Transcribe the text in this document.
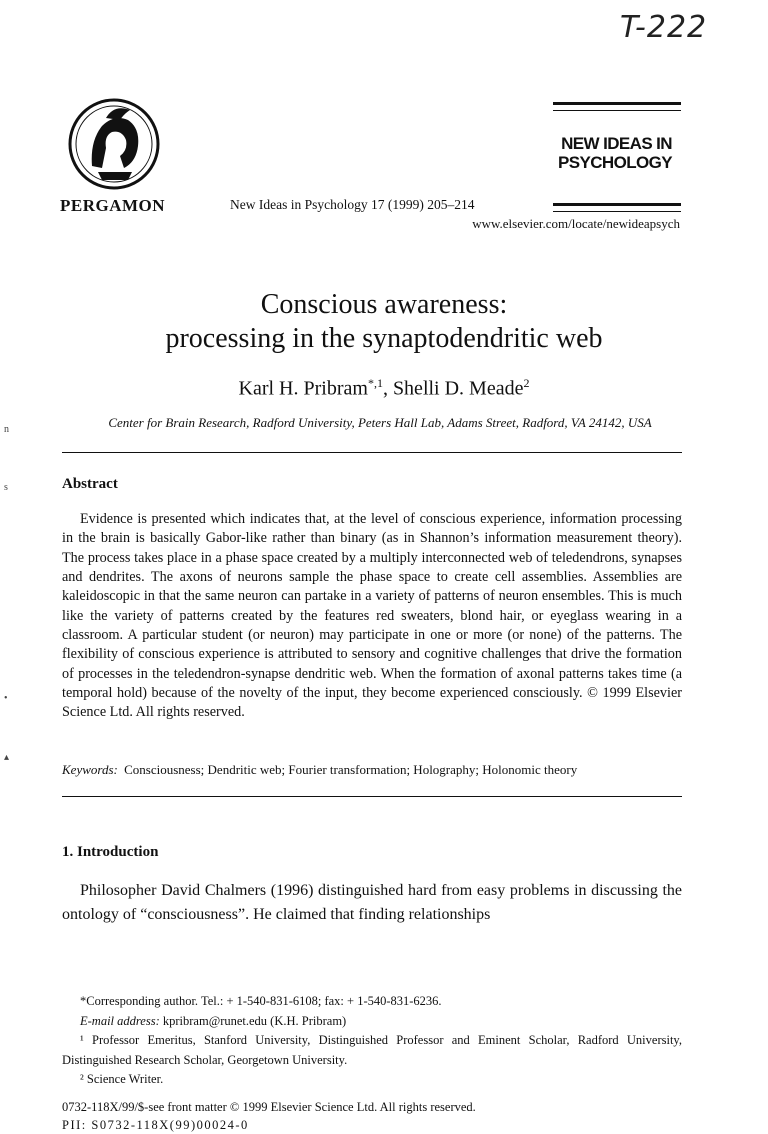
T-222
PERGAMON	New Ideas in Psychology 17 (1999) 205–214
NEW IDEAS IN
PSYCHOLOGY
www.elsevier.com/locate/newideapsych
Conscious awareness:
processing in the synaptodendritic web
Karl H. Pribram$^{*,1}$, Shelli D. Meade$^2$
Center for Brain Research, Radford University, Peters Hall Lab, Adams Street, Radford, VA 24142, USA
Abstract
Evidence is presented which indicates that, at the level of conscious experience, information processing in the brain is basically Gabor-like rather than binary (as in Shannon’s information measurement theory). The process takes place in a phase space created by a multiply interconnected web of teledendrons, synapses and dendrites. The axons of neurons sample the phase space to create cell assemblies. Assemblies are kaleidoscopic in that the same neuron can partake in a variety of patterns of neuron ensembles. This is much like the variety of patterns created by the features red sweaters, blond hair, or eyeglass wearing in a classroom. A particular student (or neuron) may participate in one or more (or none) of the patterns. The flexibility of conscious experience is attributed to sensory and cognitive challenges that drive the formation of processes in the teledendron-synapse dendritic web. When the formation of axonal patterns takes time (a temporal hold) because of the novelty of the input, they become experienced consciously. © 1999 Elsevier Science Ltd. All rights reserved.
Keywords: Consciousness; Dendritic web; Fourier transformation; Holography; Holonomic theory
1. Introduction
Philosopher David Chalmers (1996) distinguished hard from easy problems in discussing the ontology of “consciousness”. He claimed that finding relationships
*Corresponding author. Tel.: + 1-540-831-6108; fax: + 1-540-831-6236.
E-mail address: kpribram@runet.edu (K.H. Pribram)
¹ Professor Emeritus, Stanford University, Distinguished Professor and Eminent Scholar, Radford University, Distinguished Research Scholar, Georgetown University.
² Science Writer.
0732-118X/99/$-see front matter © 1999 Elsevier Science Ltd. All rights reserved.
PII: S0732-118X(99)00024-0
n
s
•
▴
